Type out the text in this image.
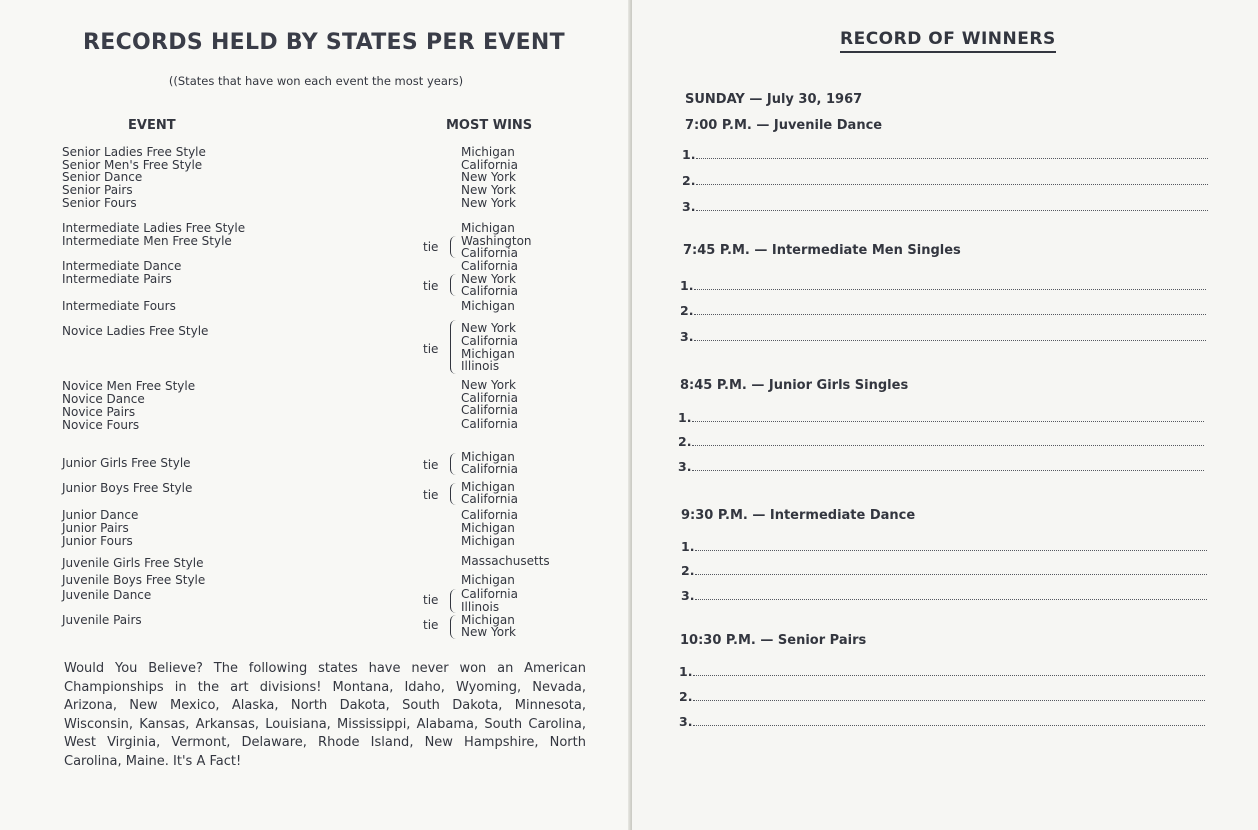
RECORDS HELD BY STATES PER EVENT
((States that have won each event the most years)
EVENT	MOST WINS
Senior Ladies Free Style
Senior Men's Free Style
Senior Dance
Senior Pairs
Senior Fours
Intermediate Ladies Free Style
Intermediate Men Free Style
Intermediate Dance
Intermediate Pairs
Intermediate Fours
Novice Ladies Free Style
Novice Men Free Style
Novice Dance
Novice Pairs
Novice Fours
Junior Girls Free Style
Junior Boys Free Style
Junior Dance
Junior Pairs
Junior Fours
Juvenile Girls Free Style
Juvenile Boys Free Style
Juvenile Dance
Juvenile Pairs
Michigan
California
New York
New York
New York
Michigan
Washington
California
California
New York
California
Michigan
New York
California
Michigan
Illinois
New York
California
California
California
Michigan
California
Michigan
California
California
Michigan
Michigan
Massachusetts
Michigan
California
Illinois
Michigan
New York
tie
tie
tie
tie
tie
tie
tie
Would You Believe? The following states have never won an American Championships in the art divisions! Montana, Idaho, Wyoming, Nevada, Arizona, New Mexico, Alaska, North Dakota, South Dakota, Minnesota, Wisconsin, Kansas, Arkansas, Louisiana, Mississippi, Alabama, South Carolina, West Virginia, Vermont, Delaware, Rhode Island, New Hampshire, North Carolina, Maine. It's A Fact!
RECORD OF WINNERS
SUNDAY — July 30, 1967
7:00 P.M. — Juvenile Dance
1.
2.
3.
7:45 P.M. — Intermediate Men Singles
1.
2.
3.
8:45 P.M. — Junior Girls Singles
1.
2.
3.
9:30 P.M. — Intermediate Dance
1.
2.
3.
10:30 P.M. — Senior Pairs
1.
2.
3.
